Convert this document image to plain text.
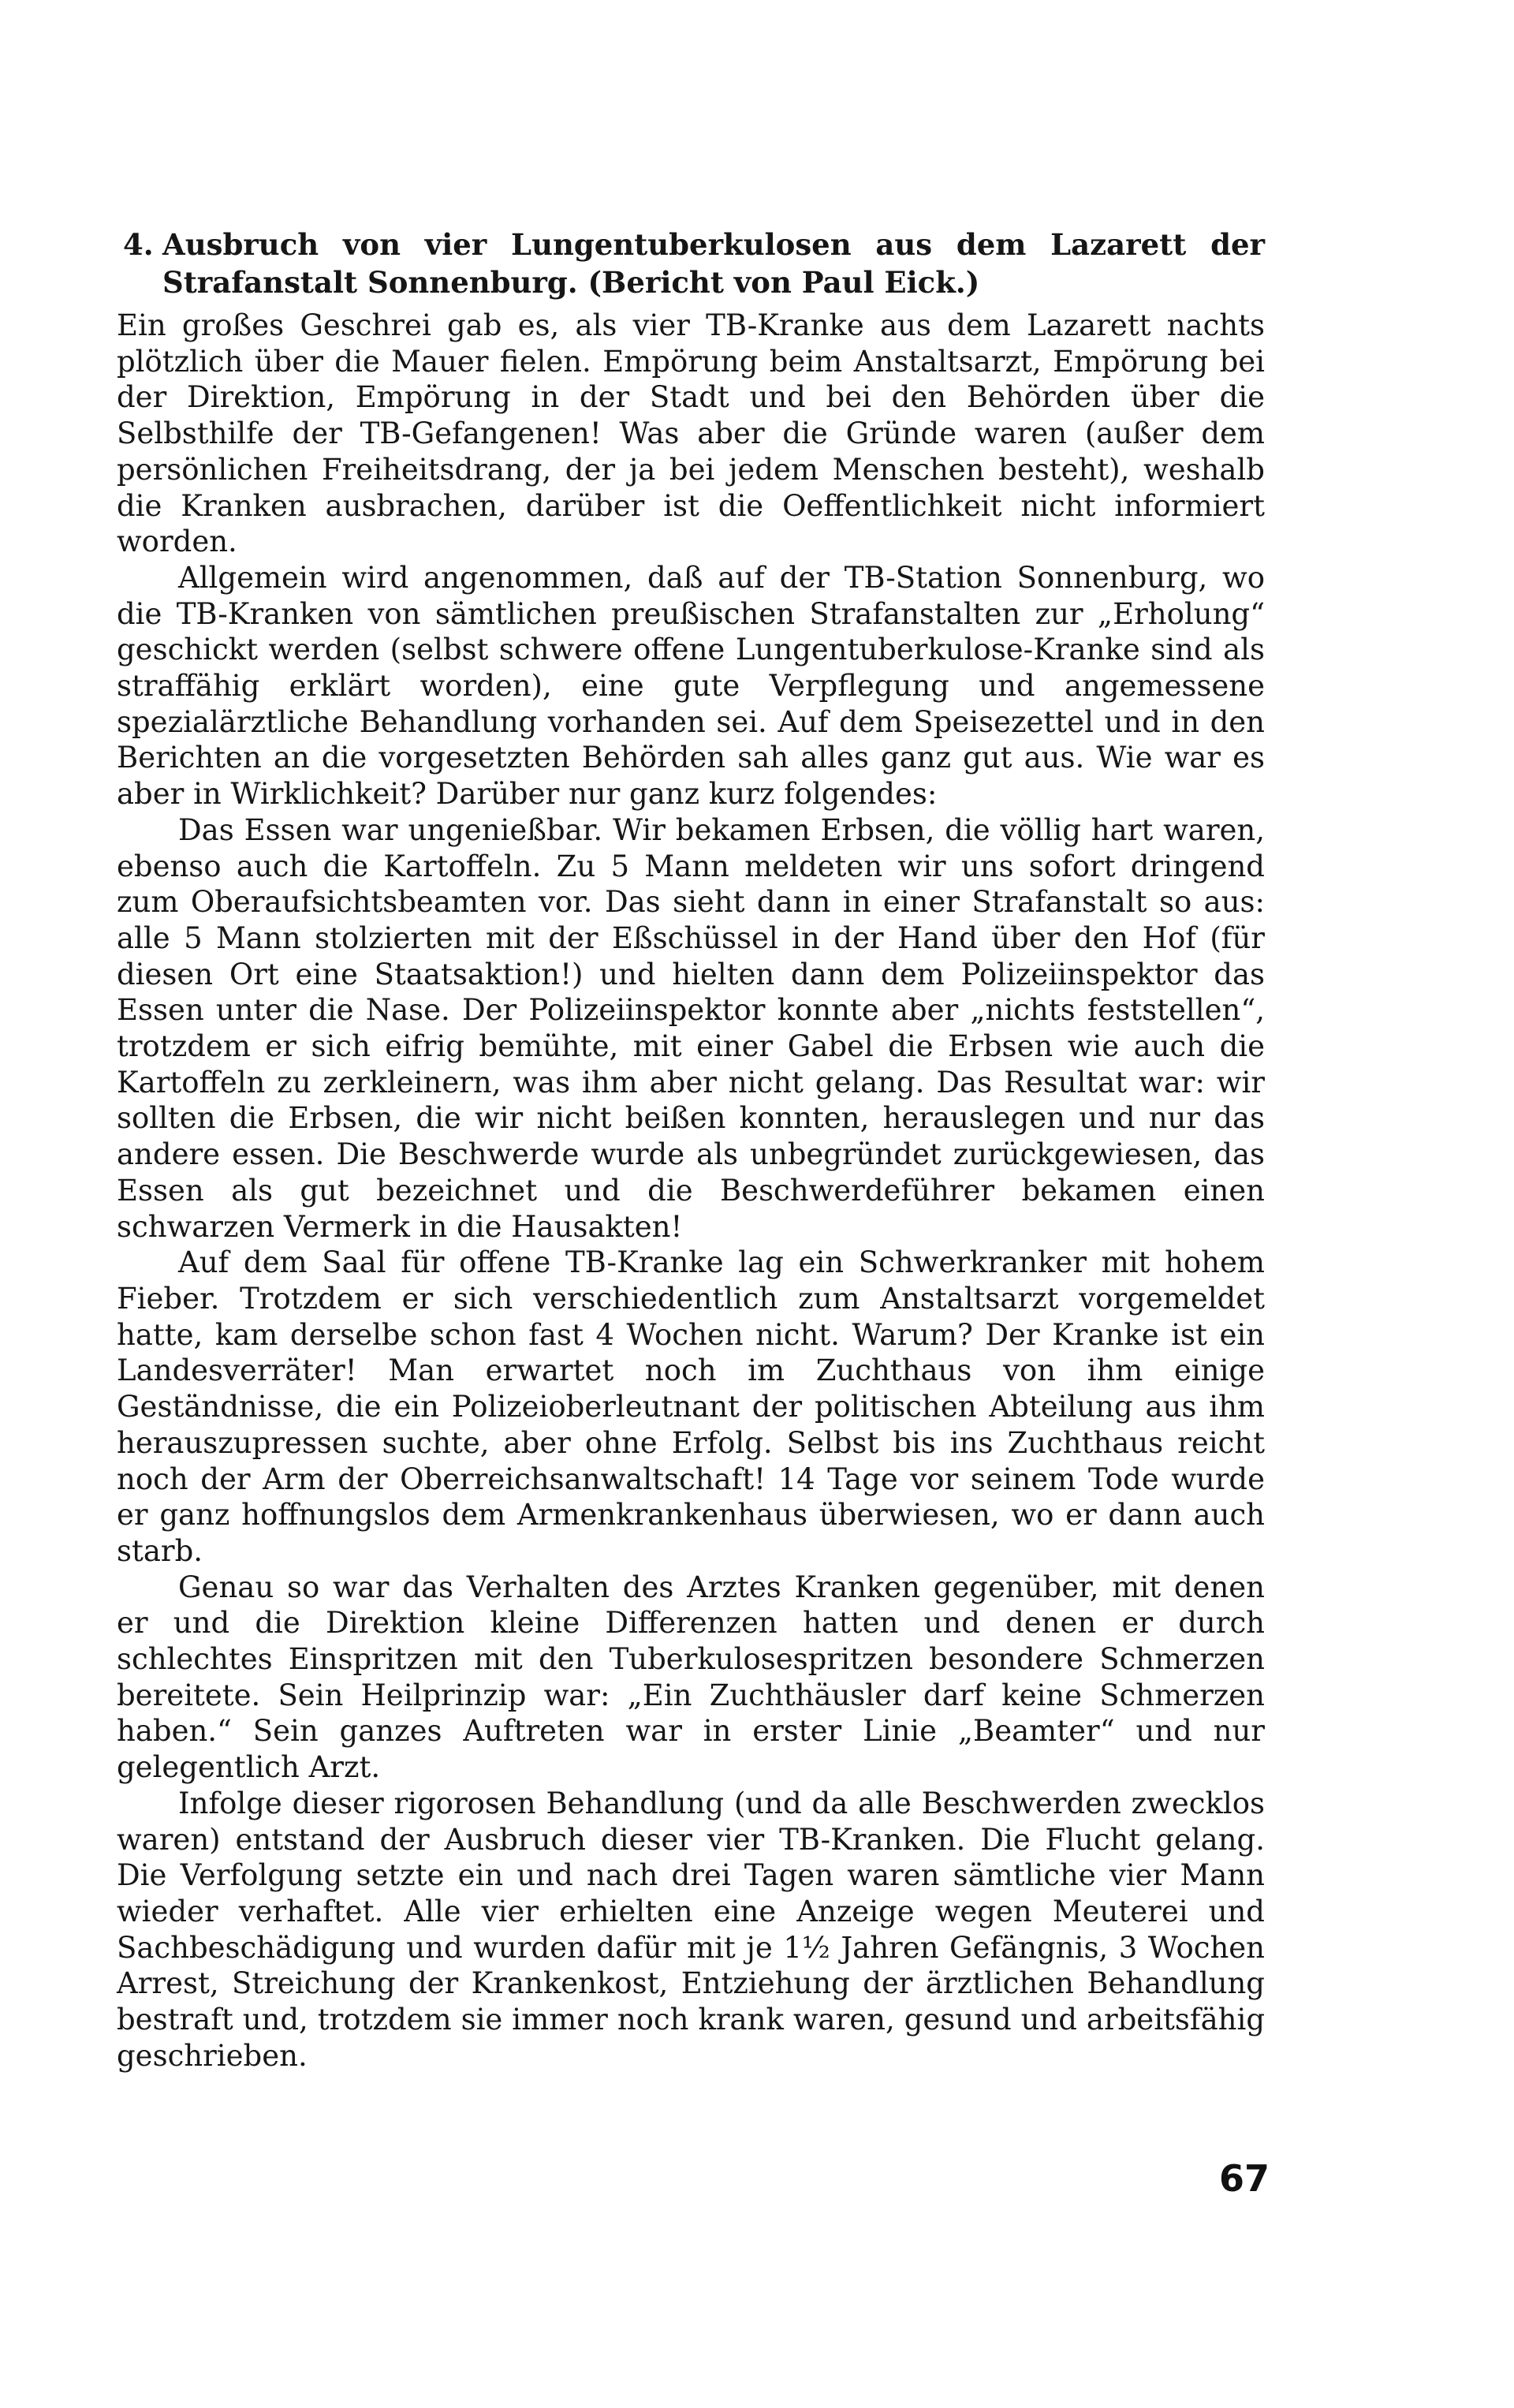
4. Ausbruch von vier Lungentuberkulosen aus dem Lazarett der Strafanstalt Sonnenburg. (Bericht von Paul Eick.)

Ein großes Geschrei gab es, als vier TB-Kranke aus dem Lazarett nachts plötzlich über die Mauer fielen. Empörung beim Anstaltsarzt, Empörung bei der Direktion, Empörung in der Stadt und bei den Behörden über die Selbsthilfe der TB-Gefangenen! Was aber die Gründe waren (außer dem persönlichen Freiheitsdrang, der ja bei jedem Menschen besteht), weshalb die Kranken ausbrachen, darüber ist die Oeffentlichkeit nicht informiert worden.

Allgemein wird angenommen, daß auf der TB-Station Sonnenburg, wo die TB-Kranken von sämtlichen preußischen Strafanstalten zur „Erholung“ geschickt werden (selbst schwere offene Lungentuberkulose-Kranke sind als straffähig erklärt worden), eine gute Verpflegung und angemessene spezialärztliche Behandlung vorhanden sei. Auf dem Speisezettel und in den Berichten an die vorgesetzten Behörden sah alles ganz gut aus. Wie war es aber in Wirklichkeit? Darüber nur ganz kurz folgendes:

Das Essen war ungenießbar. Wir bekamen Erbsen, die völlig hart waren, ebenso auch die Kartoffeln. Zu 5 Mann meldeten wir uns sofort dringend zum Oberaufsichtsbeamten vor. Das sieht dann in einer Strafanstalt so aus: alle 5 Mann stolzierten mit der Eßschüssel in der Hand über den Hof (für diesen Ort eine Staatsaktion!) und hielten dann dem Polizeiinspektor das Essen unter die Nase. Der Polizeiinspektor konnte aber „nichts feststellen“, trotzdem er sich eifrig bemühte, mit einer Gabel die Erbsen wie auch die Kartoffeln zu zerkleinern, was ihm aber nicht gelang. Das Resultat war: wir sollten die Erbsen, die wir nicht beißen konnten, herauslegen und nur das andere essen. Die Beschwerde wurde als unbegründet zurückgewiesen, das Essen als gut bezeichnet und die Beschwerdeführer bekamen einen schwarzen Vermerk in die Hausakten!

Auf dem Saal für offene TB-Kranke lag ein Schwerkranker mit hohem Fieber. Trotzdem er sich verschiedentlich zum Anstaltsarzt vorgemeldet hatte, kam derselbe schon fast 4 Wochen nicht. Warum? Der Kranke ist ein Landesverräter! Man erwartet noch im Zuchthaus von ihm einige Geständnisse, die ein Polizeioberleutnant der politischen Abteilung aus ihm herauszupressen suchte, aber ohne Erfolg. Selbst bis ins Zuchthaus reicht noch der Arm der Oberreichsanwaltschaft! 14 Tage vor seinem Tode wurde er ganz hoffnungslos dem Armenkrankenhaus überwiesen, wo er dann auch starb.

Genau so war das Verhalten des Arztes Kranken gegenüber, mit denen er und die Direktion kleine Differenzen hatten und denen er durch schlechtes Einspritzen mit den Tuberkulosespritzen besondere Schmerzen bereitete. Sein Heilprinzip war: „Ein Zuchthäusler darf keine Schmerzen haben.“ Sein ganzes Auftreten war in erster Linie „Beamter“ und nur gelegentlich Arzt.

Infolge dieser rigorosen Behandlung (und da alle Beschwerden zwecklos waren) entstand der Ausbruch dieser vier TB-Kranken. Die Flucht gelang. Die Verfolgung setzte ein und nach drei Tagen waren sämtliche vier Mann wieder verhaftet. Alle vier erhielten eine Anzeige wegen Meuterei und Sachbeschädigung und wurden dafür mit je 1½ Jahren Gefängnis, 3 Wochen Arrest, Streichung der Krankenkost, Entziehung der ärztlichen Behandlung bestraft und, trotzdem sie immer noch krank waren, gesund und arbeitsfähig geschrieben.

67
